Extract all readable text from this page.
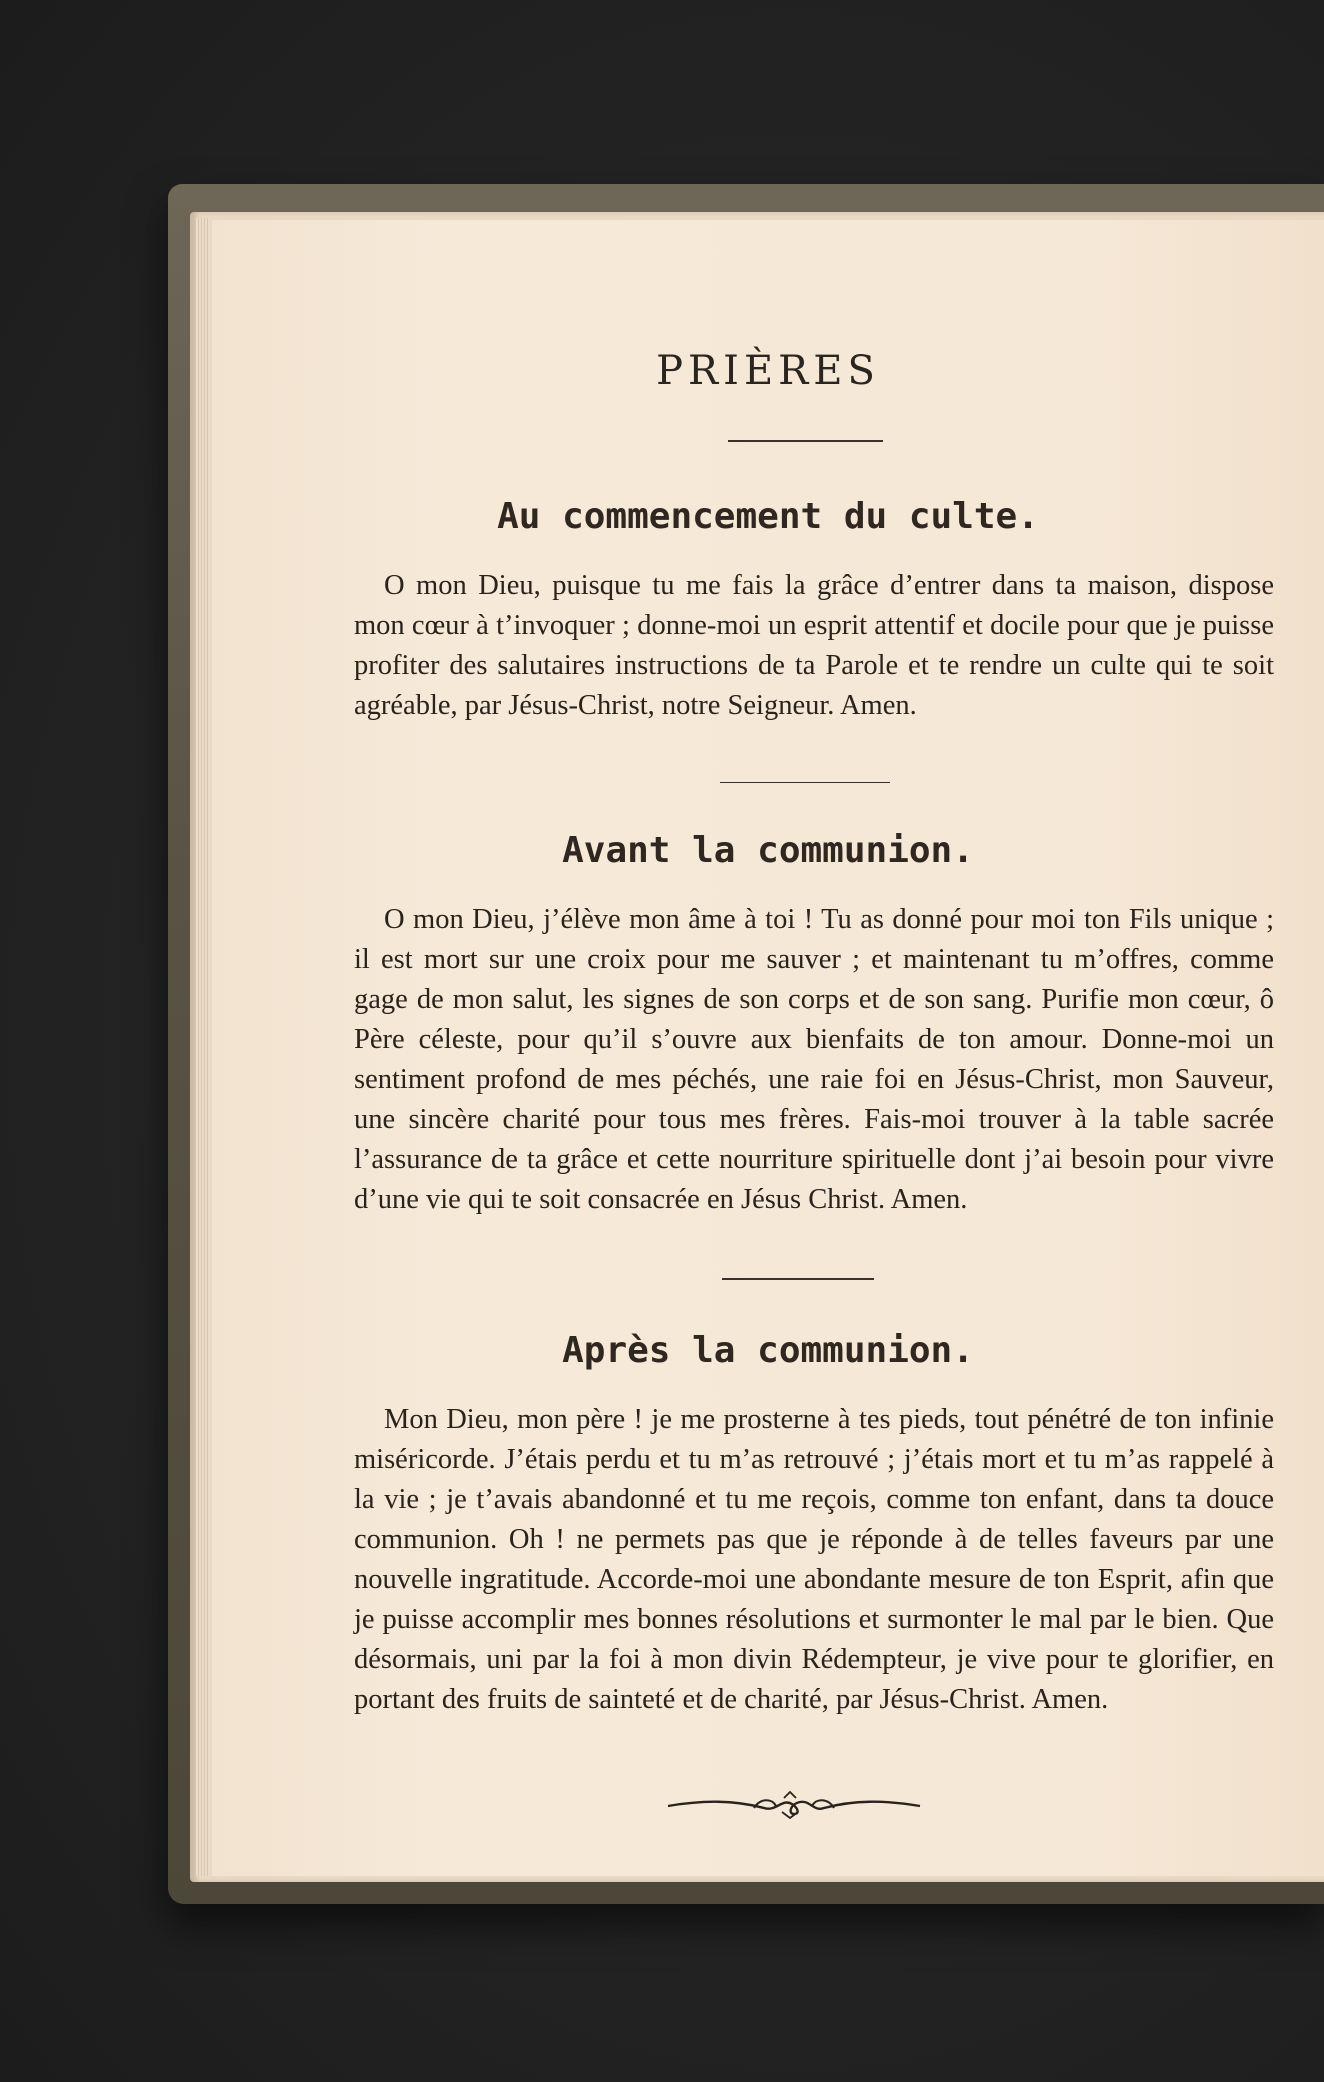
PRIÈRES
Au commencement du culte.
O mon Dieu, puisque tu me fais la grâce d’entrer dans ta maison, dispose mon cœur à t’invoquer ; donne-moi un esprit attentif et docile pour que je puisse profiter des salutaires instructions de ta Parole et te rendre un culte qui te soit agréable, par Jésus-Christ, notre Seigneur. Amen.
Avant la communion.
O mon Dieu, j’élève mon âme à toi ! Tu as donné pour moi ton Fils unique ; il est mort sur une croix pour me sauver ; et maintenant tu m’offres, comme gage de mon salut, les signes de son corps et de son sang. Purifie mon cœur, ô Père céleste, pour qu’il s’ouvre aux bienfaits de ton amour. Donne-moi un sentiment profond de mes péchés, une raie foi en Jésus-Christ, mon Sauveur, une sincère charité pour tous mes frères. Fais-moi trouver à la table sacrée l’assurance de ta grâce et cette nourriture spirituelle dont j’ai besoin pour vivre d’une vie qui te soit consacrée en Jésus Christ. Amen.
Après la communion.
Mon Dieu, mon père ! je me prosterne à tes pieds, tout pénétré de ton infinie miséricorde. J’étais perdu et tu m’as retrouvé ; j’étais mort et tu m’as rappelé à la vie ; je t’avais abandonné et tu me reçois, comme ton enfant, dans ta douce communion. Oh ! ne permets pas que je réponde à de telles faveurs par une nouvelle ingratitude. Accorde-moi une abondante mesure de ton Esprit, afin que je puisse accomplir mes bonnes résolutions et surmonter le mal par le bien. Que désormais, uni par la foi à mon divin Rédempteur, je vive pour te glorifier, en portant des fruits de sainteté et de charité, par Jésus-Christ. Amen.
